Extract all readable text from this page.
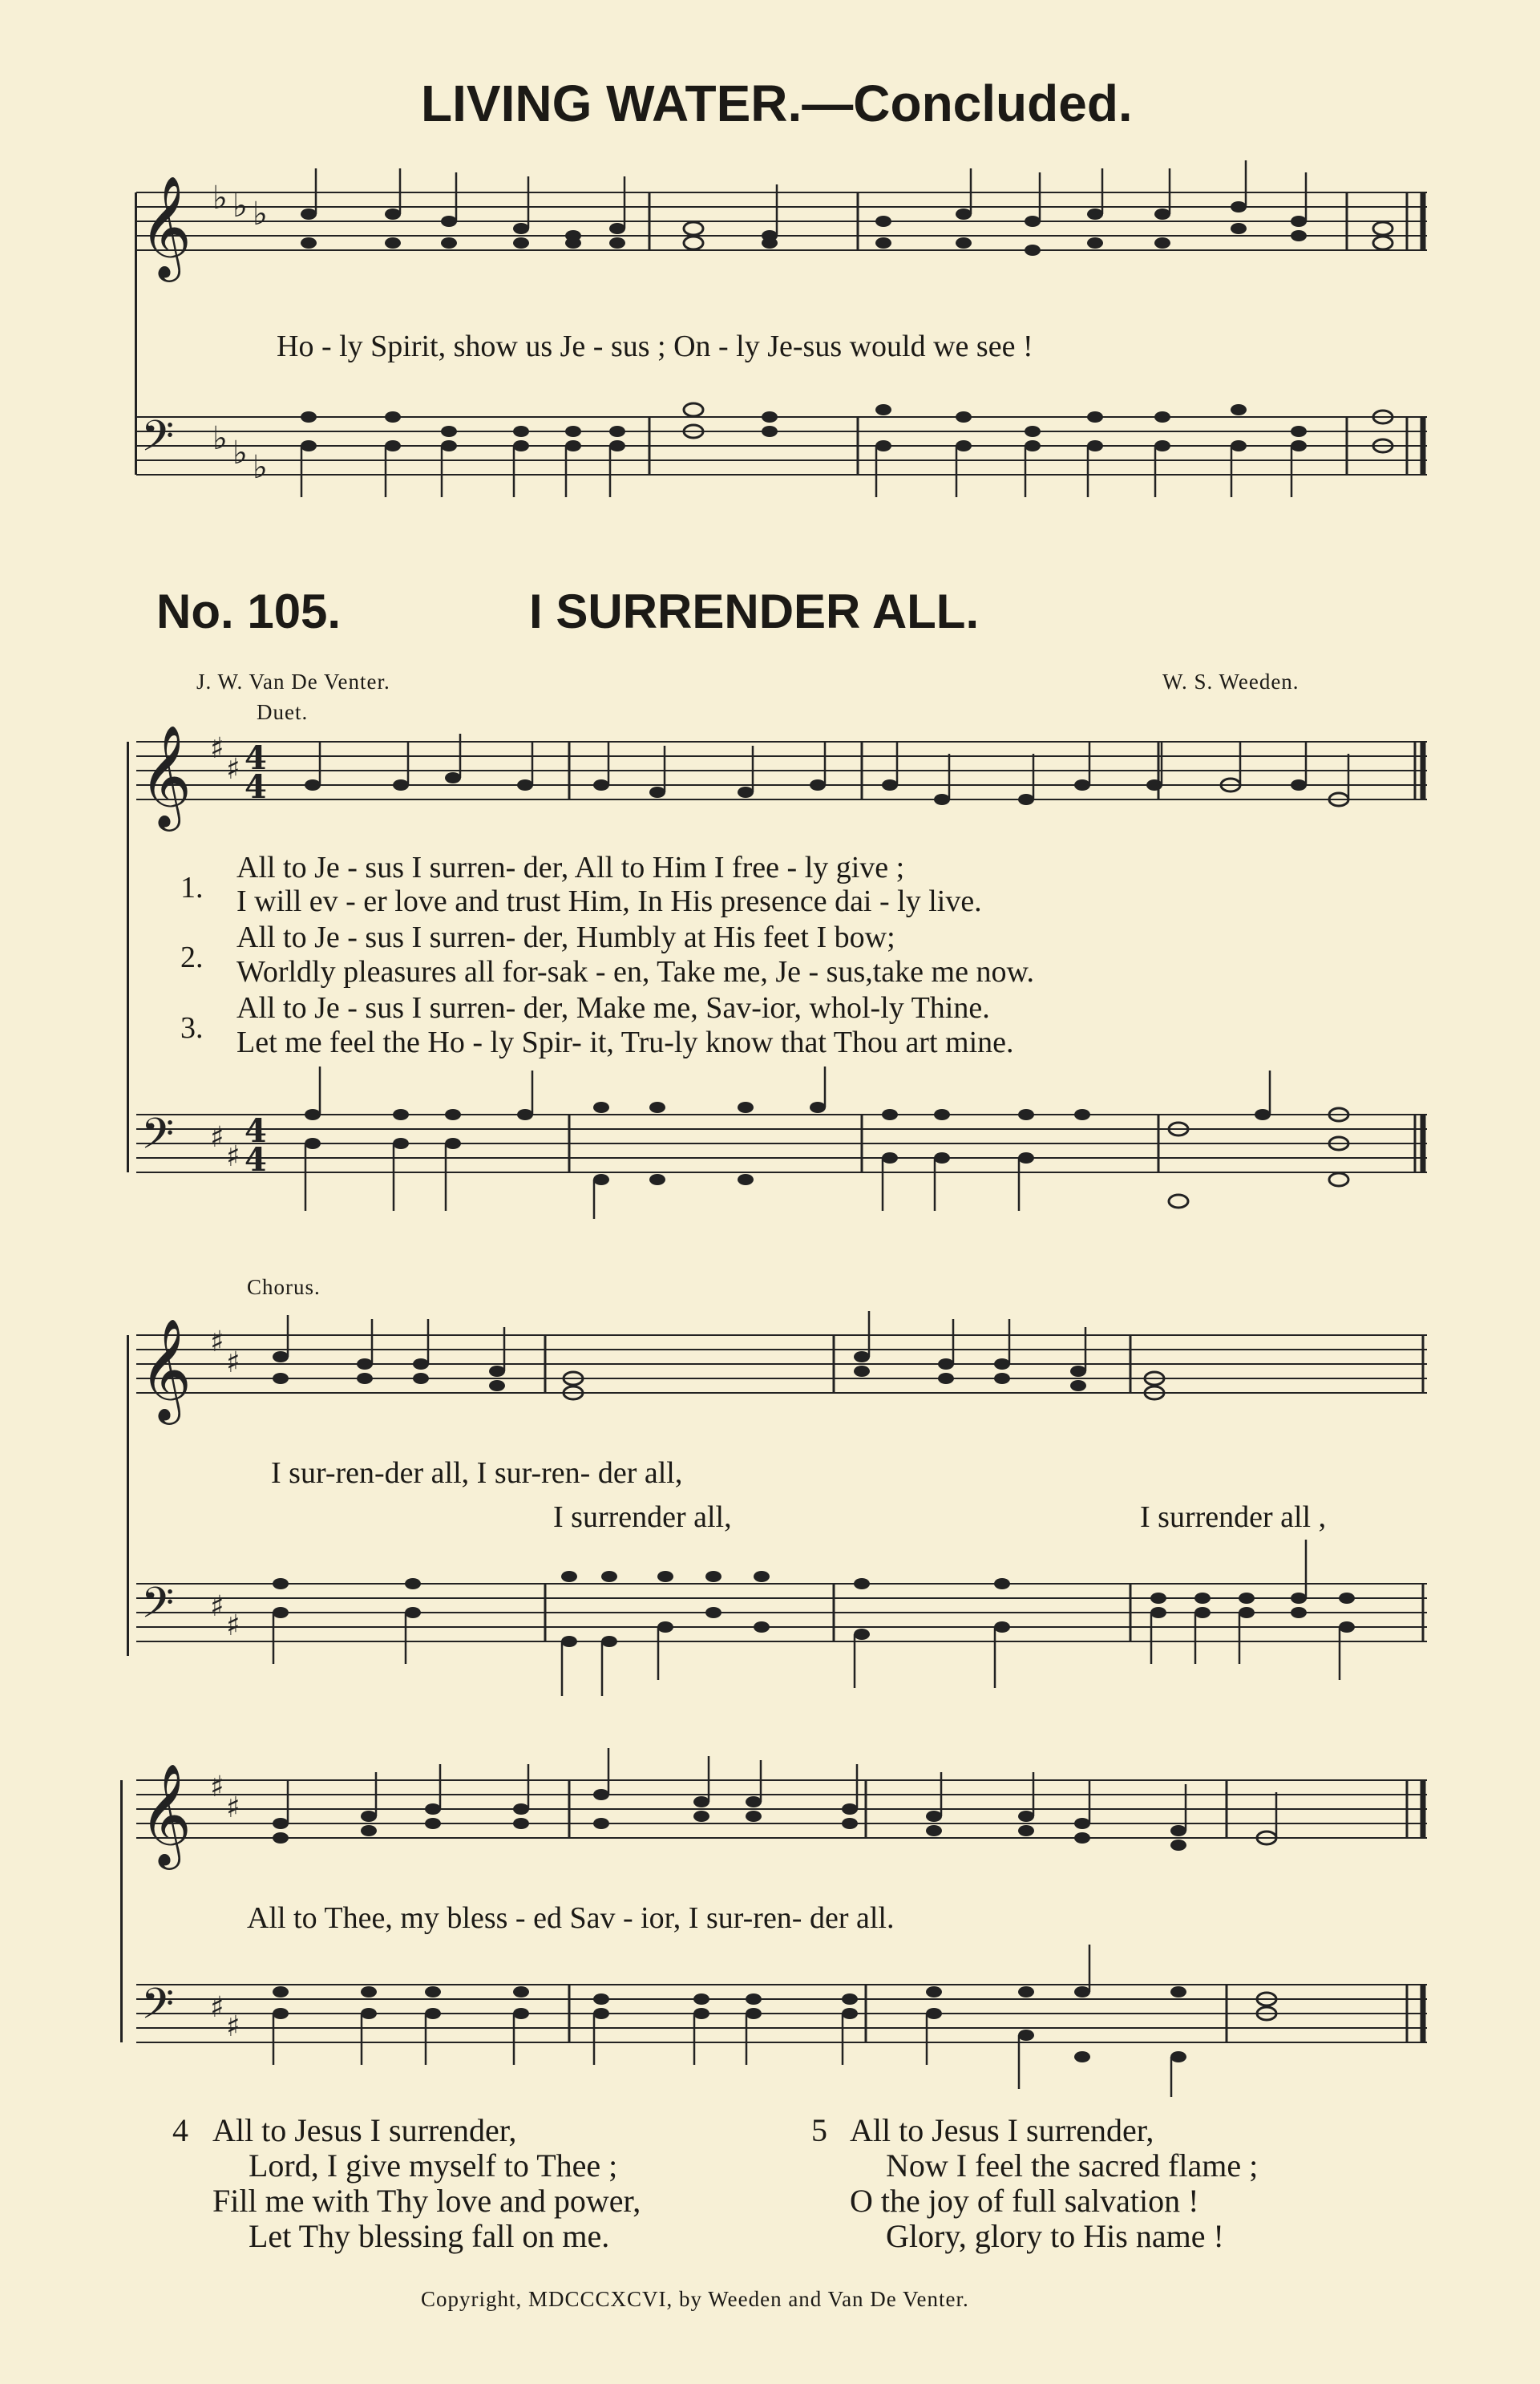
LIVING WATER.—Concluded.
𝄞 ♭ ♭ ♭
Ho - ly Spirit, show us Je - sus ; On - ly Je-sus would we see !
𝄢 ♭ ♭ ♭
No. 105.	I SURRENDER ALL.
J. W. Van De Venter.	W. S. Weeden.
Duet.
𝄞 ♯
♯ 4
4
1.
2.
3.
All to Je - sus I surren- der, All to Him I free - ly give ;
I will ev - er love and trust Him, In His presence dai - ly live.
All to Je - sus I surren- der, Humbly at His feet I bow;
Worldly pleasures all for-sak - en, Take me, Je - sus,take me now.
All to Je - sus I surren- der, Make me, Sav-ior, whol-ly Thine.
Let me feel the Ho - ly Spir- it, Tru-ly know that Thou art mine.
𝄢 ♯
♯
4
4
Chorus.
𝄞 ♯
♯
I sur-ren-der all, I sur-ren- der all,
I surrender all,	I surrender all ,
𝄢 ♯
♯
𝄞 ♯
♯
All to Thee, my bless - ed Sav - ior, I sur-ren- der all.
𝄢 ♯
♯
4 All to Jesus I surrender,
Lord, I give myself to Thee ;
Fill me with Thy love and power,
Let Thy blessing fall on me.
5 All to Jesus I surrender,
Now I feel the sacred flame ;
O the joy of full salvation !
Glory, glory to His name !
Copyright, MDCCCXCVI, by Weeden and Van De Venter.
